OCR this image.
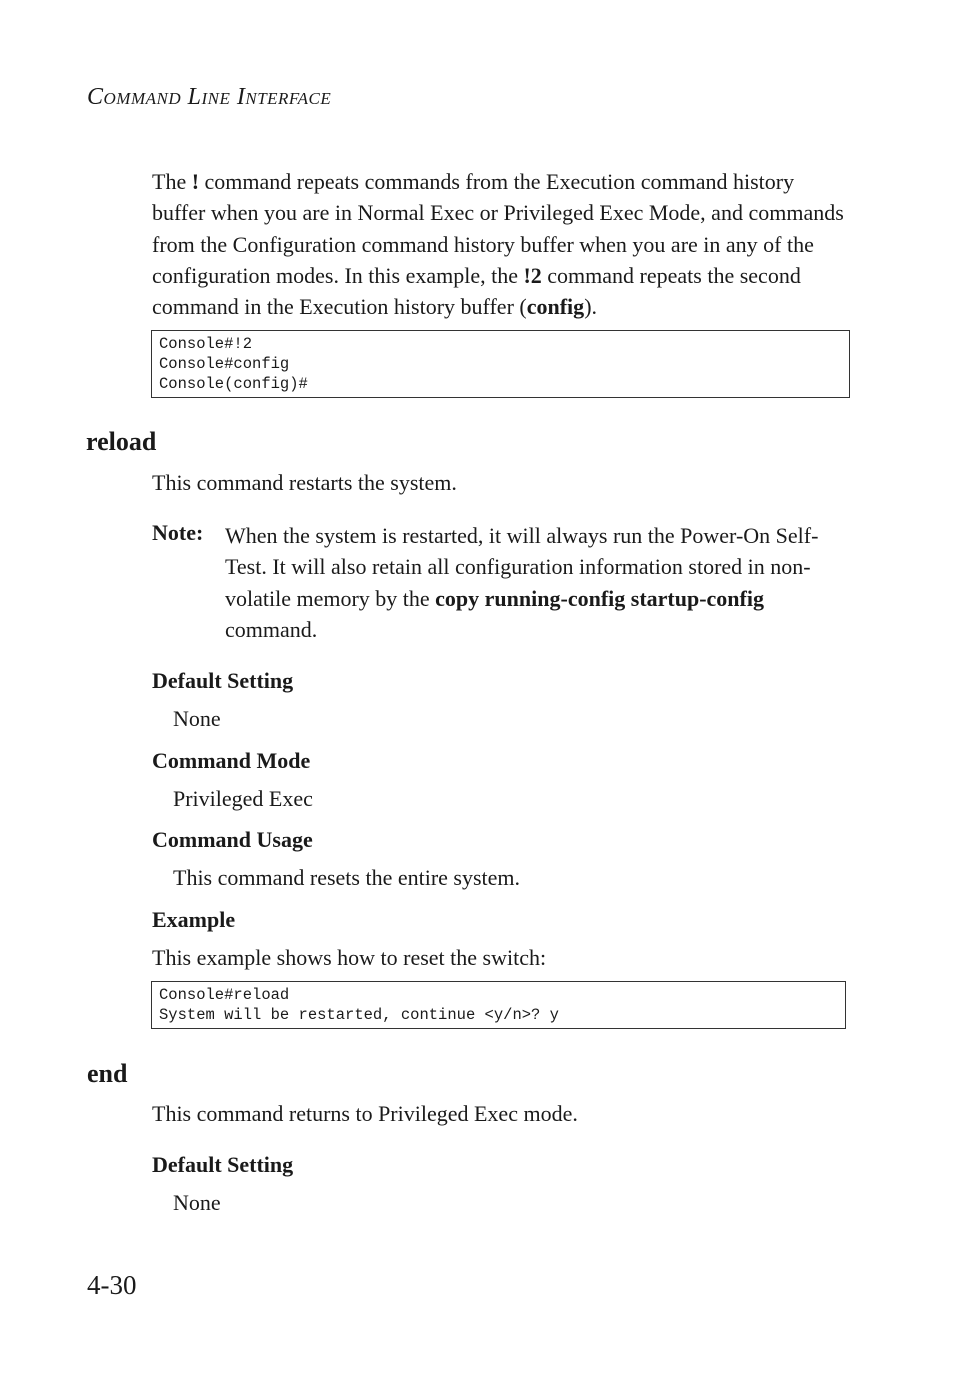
COMMAND LINE INTERFACE
The ! command repeats commands from the Execution command history buffer when you are in Normal Exec or Privileged Exec Mode, and commands from the Configuration command history buffer when you are in any of the configuration modes. In this example, the !2 command repeats the second command in the Execution history buffer (config).
Console#!2
Console#config
Console(config)#
reload
This command restarts the system.
Note: When the system is restarted, it will always run the Power-On Self-Test. It will also retain all configuration information stored in non-volatile memory by the copy running-config startup-config command.
Default Setting
None
Command Mode
Privileged Exec
Command Usage
This command resets the entire system.
Example
This example shows how to reset the switch:
Console#reload
System will be restarted, continue <y/n>? y
end
This command returns to Privileged Exec mode.
Default Setting
None
4-30
